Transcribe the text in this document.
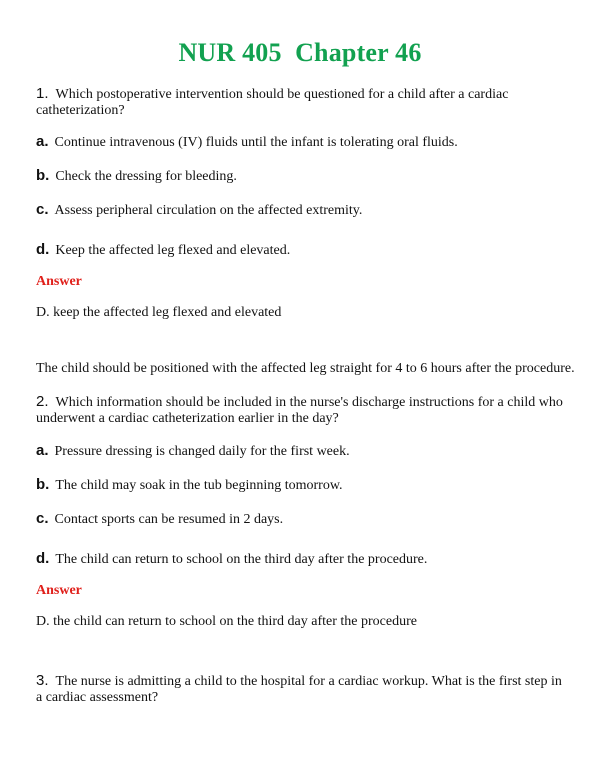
NUR 405  Chapter 46
1. Which postoperative intervention should be questioned for a child after a cardiac catheterization?
a. Continue intravenous (IV) fluids until the infant is tolerating oral fluids.
b. Check the dressing for bleeding.
c. Assess peripheral circulation on the affected extremity.
d. Keep the affected leg flexed and elevated.
Answer
D. keep the affected leg flexed and elevated
The child should be positioned with the affected leg straight for 4 to 6 hours after the procedure.
2. Which information should be included in the nurse's discharge instructions for a child who underwent a cardiac catheterization earlier in the day?
a. Pressure dressing is changed daily for the first week.
b. The child may soak in the tub beginning tomorrow.
c. Contact sports can be resumed in 2 days.
d. The child can return to school on the third day after the procedure.
Answer
D. the child can return to school on the third day after the procedure
3. The nurse is admitting a child to the hospital for a cardiac workup. What is the first step in a cardiac assessment?
